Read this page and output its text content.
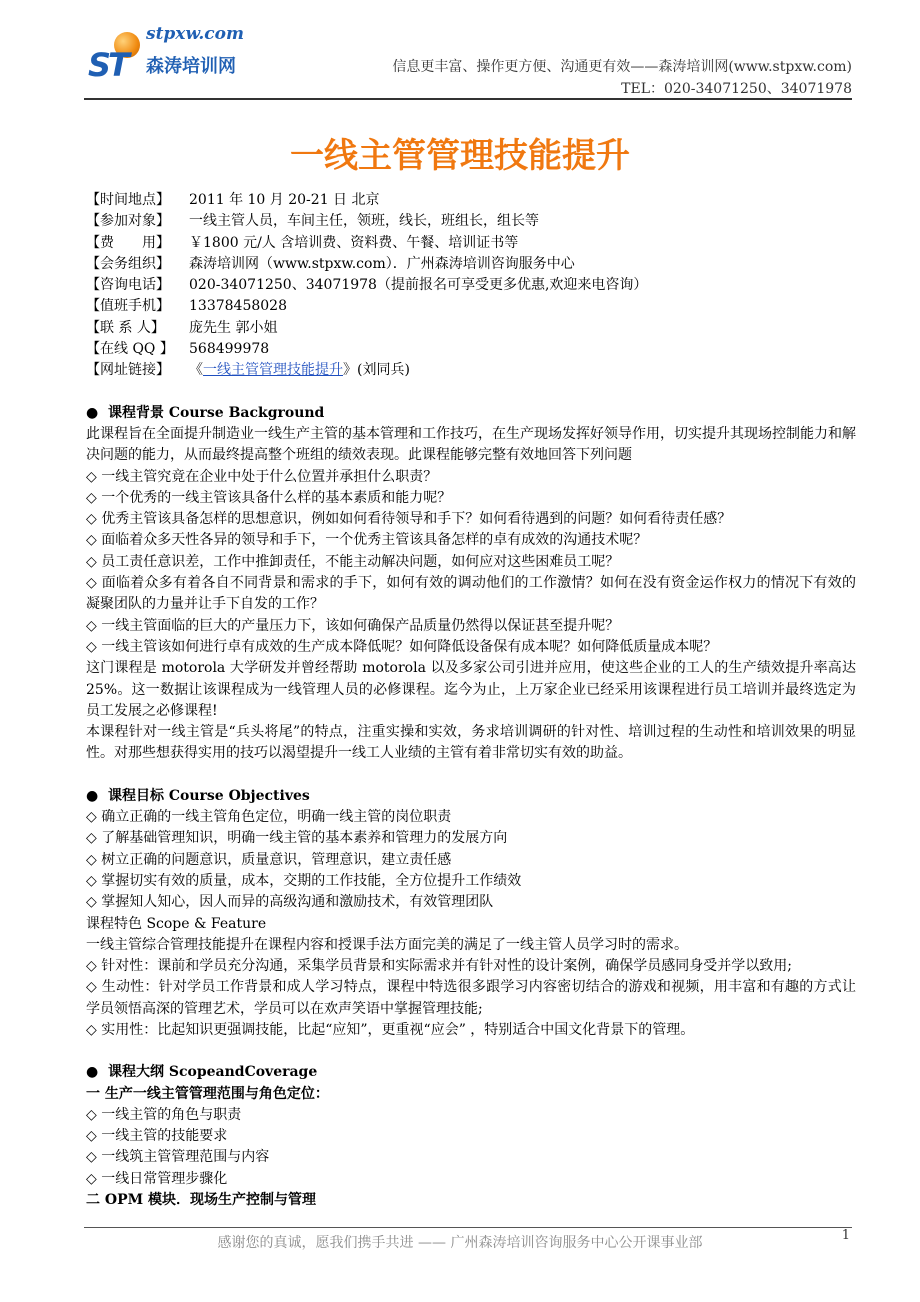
stpxw.com
ST 森涛培训网	信息更丰富、操作更方便、沟通更有效——森涛培训网(www.stpxw.com)
TEL：020-34071250、34071978
一线主管管理技能提升
【时间地点】 2011 年 10 月 20-21 日 北京
【参加对象】 一线主管人员，车间主任，领班，线长，班组长，组长等
【费　　用】 ￥1800 元/人 含培训费、资料费、午餐、培训证书等
【会务组织】 森涛培训网（www.stpxw.com）．广州森涛培训咨询服务中心
【咨询电话】 020-34071250、34071978（提前报名可享受更多优惠,欢迎来电咨询）
【值班手机】 13378458028
【联 系 人】 庞先生 郭小姐
【在线 QQ 】 568499978
【网址链接】 《一线主管管理技能提升》(刘同兵)
● 课程背景 Course Background
此课程旨在全面提升制造业一线生产主管的基本管理和工作技巧，在生产现场发挥好领导作用，切实提升其现场控制能力和解决问题的能力，从而最终提高整个班组的绩效表现。此课程能够完整有效地回答下列问题
◇ 一线主管究竟在企业中处于什么位置并承担什么职责？
◇ 一个优秀的一线主管该具备什么样的基本素质和能力呢？
◇ 优秀主管该具备怎样的思想意识，例如如何看待领导和手下？如何看待遇到的问题？如何看待责任感？
◇ 面临着众多天性各异的领导和手下，一个优秀主管该具备怎样的卓有成效的沟通技术呢？
◇ 员工责任意识差，工作中推卸责任，不能主动解决问题，如何应对这些困难员工呢？
◇ 面临着众多有着各自不同背景和需求的手下，如何有效的调动他们的工作激情？如何在没有资金运作权力的情况下有效的凝聚团队的力量并让手下自发的工作？
◇ 一线主管面临的巨大的产量压力下，该如何确保产品质量仍然得以保证甚至提升呢？
◇ 一线主管该如何进行卓有成效的生产成本降低呢？如何降低设备保有成本呢？如何降低质量成本呢？
这门课程是 motorola 大学研发并曾经帮助 motorola 以及多家公司引进并应用，使这些企业的工人的生产绩效提升率高达 25%。这一数据让该课程成为一线管理人员的必修课程。迄今为止，上万家企业已经采用该课程进行员工培训并最终选定为员工发展之必修课程!
本课程针对一线主管是“兵头将尾”的特点，注重实操和实效，务求培训调研的针对性、培训过程的生动性和培训效果的明显性。对那些想获得实用的技巧以渴望提升一线工人业绩的主管有着非常切实有效的助益。
● 课程目标 Course Objectives
◇ 确立正确的一线主管角色定位，明确一线主管的岗位职责
◇ 了解基础管理知识，明确一线主管的基本素养和管理力的发展方向
◇ 树立正确的问题意识，质量意识，管理意识，建立责任感
◇ 掌握切实有效的质量，成本，交期的工作技能，全方位提升工作绩效
◇ 掌握知人知心，因人而异的高级沟通和激励技术，有效管理团队
课程特色 Scope & Feature
一线主管综合管理技能提升在课程内容和授课手法方面完美的满足了一线主管人员学习时的需求。
◇ 针对性：课前和学员充分沟通，采集学员背景和实际需求并有针对性的设计案例，确保学员感同身受并学以致用;
◇ 生动性：针对学员工作背景和成人学习特点，课程中特选很多跟学习内容密切结合的游戏和视频，用丰富和有趣的方式让学员领悟高深的管理艺术，学员可以在欢声笑语中掌握管理技能;
◇ 实用性：比起知识更强调技能，比起“应知”，更重视“应会” ，特别适合中国文化背景下的管理。
● 课程大纲 ScopeandCoverage
一 生产一线主管管理范围与角色定位：
◇ 一线主管的角色与职责
◇ 一线主管的技能要求
◇ 一线筑主管管理范围与内容
◇ 一线日常管理步骤化
二 OPM 模块．现场生产控制与管理
感谢您的真诚，愿我们携手共进 —— 广州森涛培训咨询服务中心公开课事业部	1
